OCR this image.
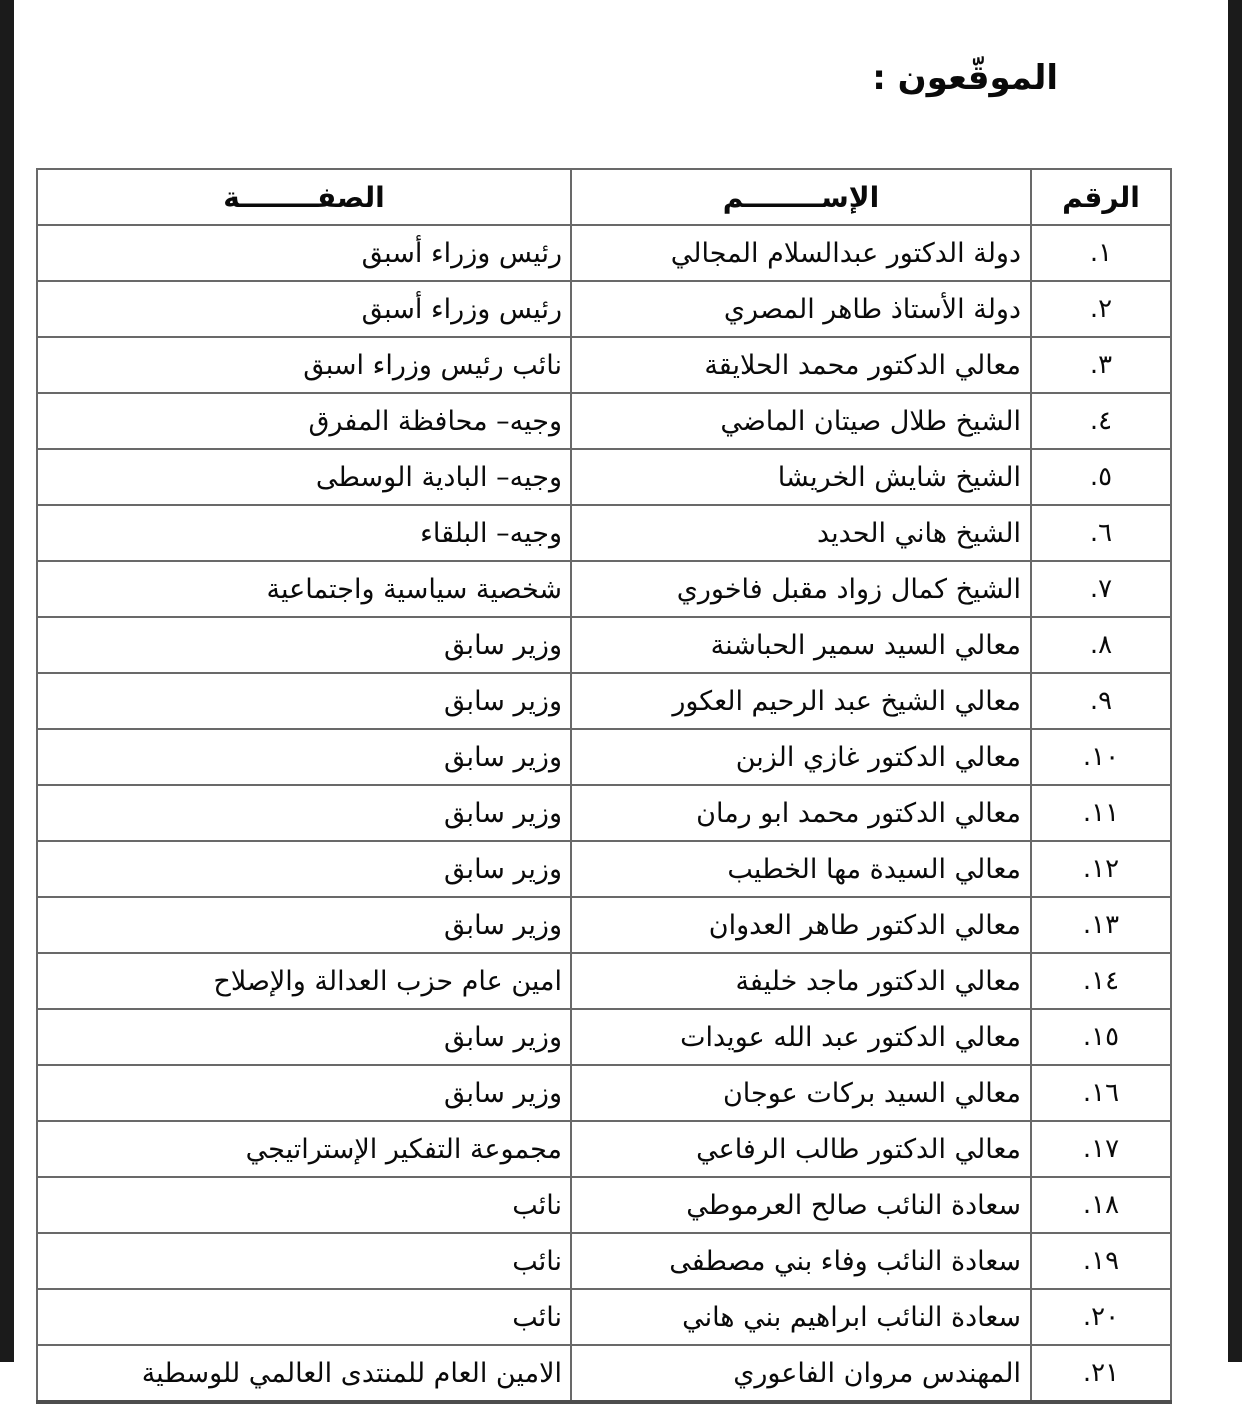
الموقّعون :
الرقم	الإســــــــم	الصفــــــــة
١.	دولة الدكتور عبدالسلام المجالي	رئيس وزراء أسبق
٢.	دولة الأستاذ طاهر المصري	رئيس وزراء أسبق
٣.	معالي الدكتور محمد الحلايقة	نائب رئيس وزراء اسبق
٤.	الشيخ طلال صيتان الماضي	وجيه– محافظة المفرق
٥.	الشيخ شايش الخريشا	وجيه– البادية الوسطى
٦.	الشيخ هاني الحديد	وجيه– البلقاء
٧.	الشيخ كمال زواد مقبل فاخوري	شخصية سياسية واجتماعية
٨.	معالي السيد سمير الحباشنة	وزير سابق
٩.	معالي الشيخ عبد الرحيم العكور	وزير سابق
١٠.	معالي الدكتور غازي الزبن	وزير سابق
١١.	معالي الدكتور محمد ابو رمان	وزير سابق
١٢.	معالي السيدة مها الخطيب	وزير سابق
١٣.	معالي الدكتور طاهر العدوان	وزير سابق
١٤.	معالي الدكتور ماجد خليفة	امين عام حزب العدالة والإصلاح
١٥.	معالي الدكتور عبد الله عويدات	وزير سابق
١٦.	معالي السيد بركات عوجان	وزير سابق
١٧.	معالي الدكتور طالب الرفاعي	مجموعة التفكير الإستراتيجي
١٨.	سعادة النائب صالح العرموطي	نائب
١٩.	سعادة النائب وفاء بني مصطفى	نائب
٢٠.	سعادة النائب ابراهيم بني هاني	نائب
٢١.	المهندس مروان الفاعوري	الامين العام للمنتدى العالمي للوسطية
